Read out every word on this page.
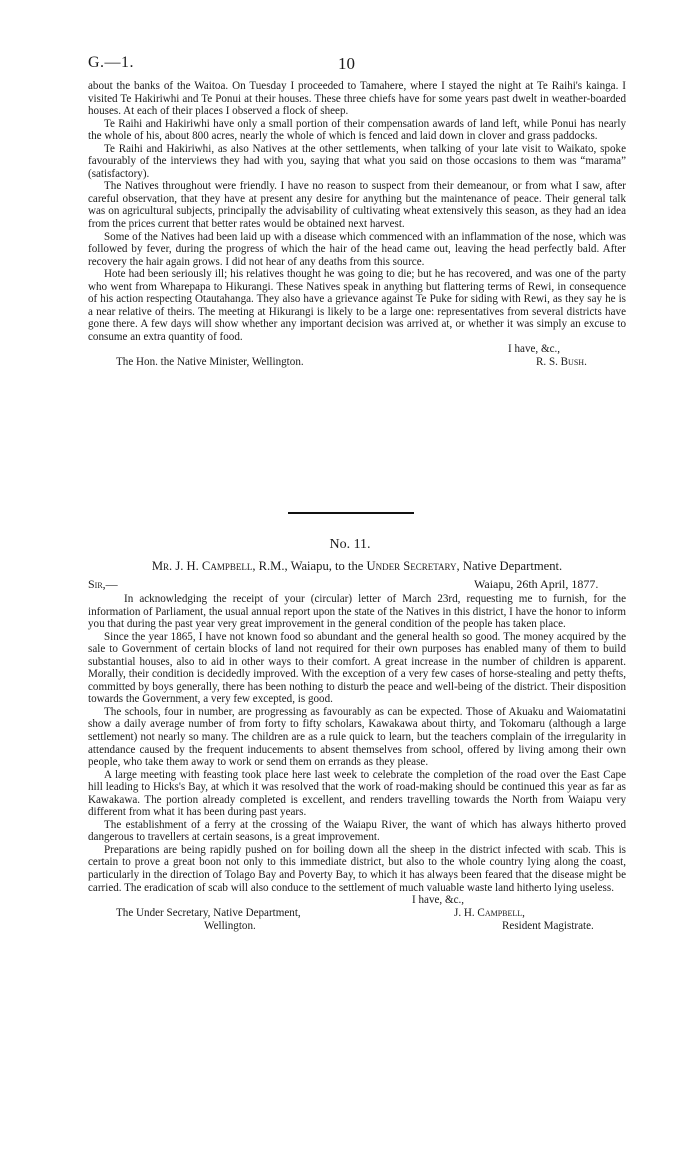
G.—1.	10

about the banks of the Waitoa. On Tuesday I proceeded to Tamahere, where I stayed the night at Te Raihi's kainga. I visited Te Hakiriwhi and Te Ponui at their houses. These three chiefs have for some years past dwelt in weather-boarded houses. At each of their places I observed a flock of sheep.

Te Raihi and Hakiriwhi have only a small portion of their compensation awards of land left, while Ponui has nearly the whole of his, about 800 acres, nearly the whole of which is fenced and laid down in clover and grass paddocks.

Te Raihi and Hakiriwhi, as also Natives at the other settlements, when talking of your late visit to Waikato, spoke favourably of the interviews they had with you, saying that what you said on those occasions to them was “marama” (satisfactory).

The Natives throughout were friendly. I have no reason to suspect from their demeanour, or from what I saw, after careful observation, that they have at present any desire for anything but the maintenance of peace. Their general talk was on agricultural subjects, principally the advisability of cultivating wheat extensively this season, as they had an idea from the prices current that better rates would be obtained next harvest.

Some of the Natives had been laid up with a disease which commenced with an inflammation of the nose, which was followed by fever, during the progress of which the hair of the head came out, leaving the head perfectly bald. After recovery the hair again grows. I did not hear of any deaths from this source.

Hote had been seriously ill; his relatives thought he was going to die; but he has recovered, and was one of the party who went from Wharepapa to Hikurangi. These Natives speak in anything but flattering terms of Rewi, in consequence of his action respecting Otautahanga. They also have a grievance against Te Puke for siding with Rewi, as they say he is a near relative of theirs. The meeting at Hikurangi is likely to be a large one: representatives from several districts have gone there. A few days will show whether any important decision was arrived at, or whether it was simply an excuse to consume an extra quantity of food.

I have, &c.,
The Hon. the Native Minister, Wellington.	R. S. Bush.
No. 11.
Mr. J. H. Campbell, R.M., Waiapu, to the Under Secretary, Native Department.
Sir,—	Waiapu, 26th April, 1877.

In acknowledging the receipt of your (circular) letter of March 23rd, requesting me to furnish, for the information of Parliament, the usual annual report upon the state of the Natives in this district, I have the honor to inform you that during the past year very great improvement in the general condition of the people has taken place.

Since the year 1865, I have not known food so abundant and the general health so good. The money acquired by the sale to Government of certain blocks of land not required for their own purposes has enabled many of them to build substantial houses, also to aid in other ways to their comfort. A great increase in the number of children is apparent. Morally, their condition is decidedly improved. With the exception of a very few cases of horse-stealing and petty thefts, committed by boys generally, there has been nothing to disturb the peace and well-being of the district. Their disposition towards the Government, a very few excepted, is good.

The schools, four in number, are progressing as favourably as can be expected. Those of Akuaku and Waiomatatini show a daily average number of from forty to fifty scholars, Kawakawa about thirty, and Tokomaru (although a large settlement) not nearly so many. The children are as a rule quick to learn, but the teachers complain of the irregularity in attendance caused by the frequent inducements to absent themselves from school, offered by living among their own people, who take them away to work or send them on errands as they please.

A large meeting with feasting took place here last week to celebrate the completion of the road over the East Cape hill leading to Hicks's Bay, at which it was resolved that the work of road-making should be continued this year as far as Kawakawa. The portion already completed is excellent, and renders travelling towards the North from Waiapu very different from what it has been during past years.

The establishment of a ferry at the crossing of the Waiapu River, the want of which has always hitherto proved dangerous to travellers at certain seasons, is a great improvement.

Preparations are being rapidly pushed on for boiling down all the sheep in the district infected with scab. This is certain to prove a great boon not only to this immediate district, but also to the whole country lying along the coast, particularly in the direction of Tolago Bay and Poverty Bay, to which it has always been feared that the disease might be carried. The eradication of scab will also conduce to the settlement of much valuable waste land hitherto lying useless.

I have, &c.,
The Under Secretary, Native Department,	J. H. Campbell,
Wellington.	Resident Magistrate.
